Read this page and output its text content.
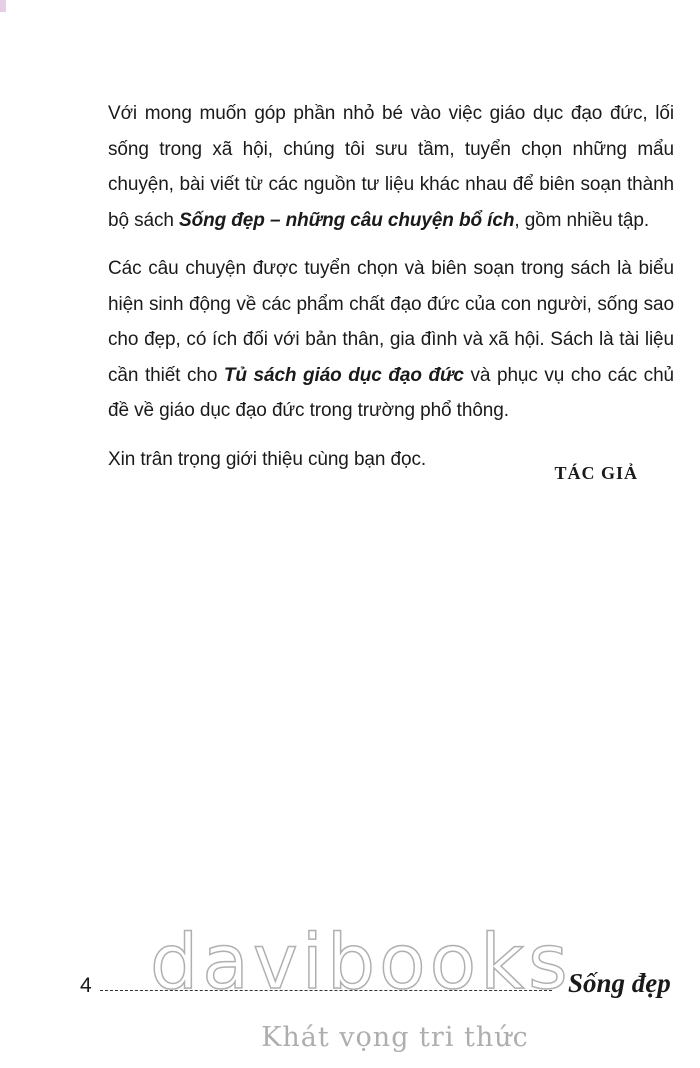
Với mong muốn góp phần nhỏ bé vào việc giáo dục đạo đức, lối sống trong xã hội, chúng tôi sưu tầm, tuyển chọn những mẩu chuyện, bài viết từ các nguồn tư liệu khác nhau để biên soạn thành bộ sách Sống đẹp – những câu chuyện bổ ích, gồm nhiều tập.

Các câu chuyện được tuyển chọn và biên soạn trong sách là biểu hiện sinh động về các phẩm chất đạo đức của con người, sống sao cho đẹp, có ích đối với bản thân, gia đình và xã hội. Sách là tài liệu cần thiết cho Tủ sách giáo dục đạo đức và phục vụ cho các chủ đề về giáo dục đạo đức trong trường phổ thông.

Xin trân trọng giới thiệu cùng bạn đọc.

TÁC GIẢ
davibooks
Khát vọng tri thức
4	Sống đẹp
